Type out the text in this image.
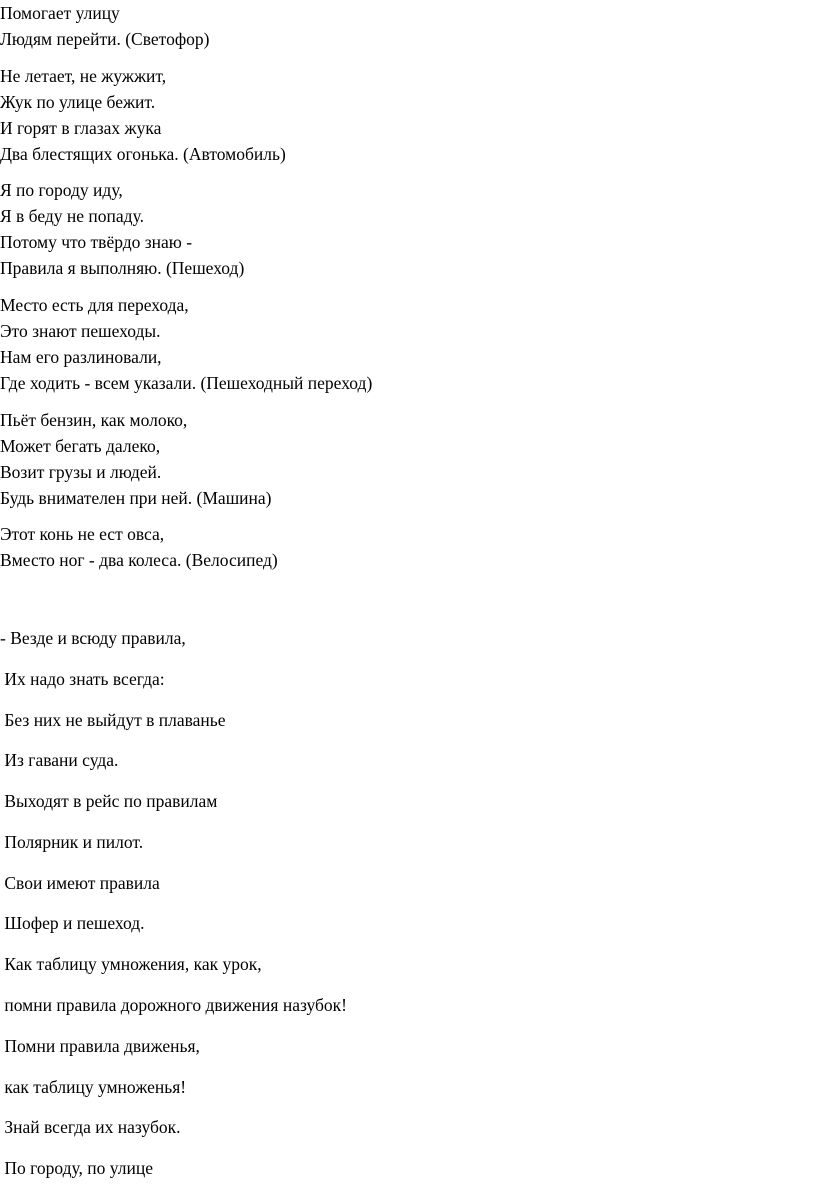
Помогает улицу
Людям перейти. (Светофор)
Не летает, не жужжит,
Жук по улице бежит.
И горят в глазах жука
Два блестящих огонька. (Автомобиль)
Я по городу иду,
Я в беду не попаду.
Потому что твёрдо знаю -
Правила я выполняю. (Пешеход)
Место есть для перехода,
Это знают пешеходы.
Нам его разлиновали,
Где ходить - всем указали. (Пешеходный переход)
Пьёт бензин, как молоко,
Может бегать далеко,
Возит грузы и людей.
Будь внимателен при ней. (Машина)
Этот конь не ест овса,
Вместо ног - два колеса. (Велосипед)
- Везде и всюду правила,
Их надо знать всегда:
Без них не выйдут в плаванье
Из гавани суда.
Выходят в рейс по правилам
Полярник и пилот.
Свои имеют правила
Шофер и пешеход.
Как таблицу умножения, как урок,
помни правила дорожного движения назубок!
Помни правила движенья,
как таблицу умноженья!
Знай всегда их назубок.
По городу, по улице
